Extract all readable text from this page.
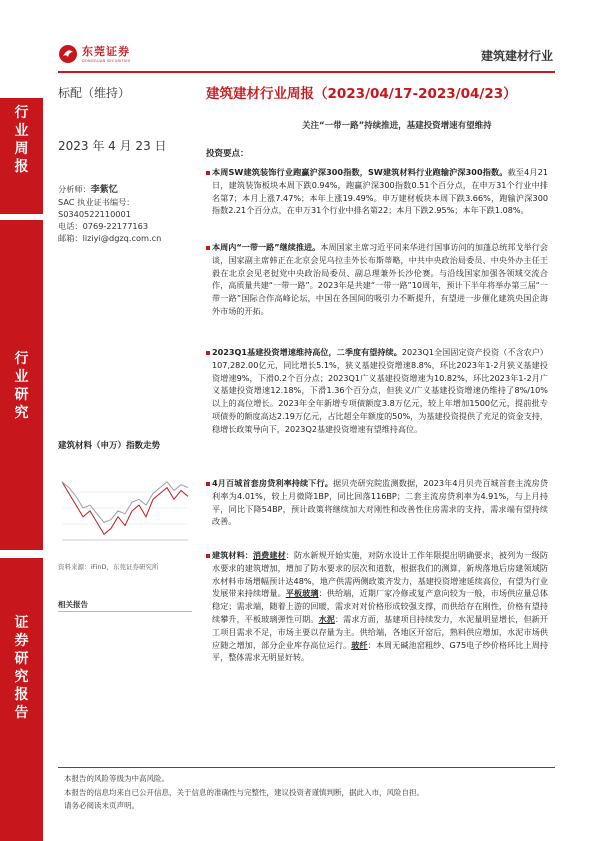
东莞证券
DONGGUAN SECURITIES	建筑建材行业
标配（维持）	建筑建材行业周报（2023/04/17-2023/04/23）
关注“一带一路”持续推进，基建投资增速有望维持
行
业
周
报
行
业
研
究
证
券
研
究
报
告
2023 年 4 月 23 日
分析师：李紫忆
SAC 执业证书编号：
S0340522110001
电话：0769-22177163
邮箱：liziyi@dgzq.com.cn
建筑材料（申万）指数走势
资料来源：iFinD，东莞证券研究所
相关报告
投资要点：
本周SW建筑装饰行业跑赢沪深300指数，SW建筑材料行业跑输沪深300指数。截至4月21日，建筑装饰板块本周下跌0.94%，跑赢沪深300指数0.51个百分点，在申万31个行业中排名第7；本月上涨7.47%；本年上涨19.49%。申万建材板块本周下跌3.66%，跑输沪深300指数2.21个百分点，在申万31个行业中排名第22；本月下跌2.95%；本年下跌1.08%。
本周内“一带一路”继续推进。本周国家主席习近平同来华进行国事访问的加蓬总统邦戈举行会谈，国家副主席韩正在北京会见乌拉圭外长布斯蒂略，中共中央政治局委员、中央外办主任王毅在北京会见老挝党中央政治局委员、副总理兼外长沙伦赛。与沿线国家加强各领域交流合作，高质量共建“一带一路”。2023年是共建“一带一路”10周年，预计下半年将举办第三届“一带一路”国际合作高峰论坛，中国在各国间的吸引力不断提升，有望进一步催化建筑央国企海外市场的开拓。
2023Q1基建投资增速维持高位，二季度有望持续。2023Q1全国固定资产投资（不含农户）107,282.00亿元，同比增长5.1%，狭义基建投资增速8.8%，环比2023年1-2月狭义基建投资增速9%，下滑0.2个百分点；2023Q1广义基建投资增速为10.82%，环比2023年1-2月广义基建投资增速12.18%，下滑1.36个百分点，但狭义/广义基建投资增速仍维持了8%/10%以上的高位增长。2023年全年新增专项债额度3.8万亿元，较上年增加1500亿元，提前批专项债券的额度高达2.19万亿元，占比超全年额度的50%，为基建投资提供了充足的资金支持，稳增长政策导向下，2023Q2基建投资增速有望维持高位。
4月百城首套房贷利率持续下行。据贝壳研究院监测数据，2023年4月贝壳百城首套主流房贷利率为4.01%，较上月微降1BP，同比回落116BP；二套主流房贷利率为4.91%，与上月持平，同比下降54BP，预计政策将继续加大对刚性和改善性住房需求的支持，需求端有望持续改善。
建筑材料：消费建材：防水新规开始实施，对防水设计工作年限提出明确要求，被列为一级防水要求的建筑增加，增加了防水要求的层次和道数，根据我们的测算，新规落地后房建领域防水材料市场增幅预计达48%，地产供需两侧政策齐发力，基建投资增速延续高位，有望为行业发展带来持续增量。平板玻璃：供给端，近期厂家冷修或复产意向较为一般，市场供应量总体稳定；需求端，随着上游的回暖，需求对对价格形成较强支撑，而供给存在刚性，价格有望持续攀升，平板玻璃弹性可期。水泥：需求方面，基建项目持续发力，水泥量明显增长，但新开工项目需求不足，市场主要以存量为主。供给端，各地区开窑后，熟料供应增加，水泥市场供应随之增加，部分企业库存高位运行。玻纤：本周无碱池窑粗纱、G75电子纱价格环比上周持平，整体需求无明显好转。
本报告的风险等级为中高风险。
本报告的信息均来自已公开信息，关于信息的准确性与完整性，建议投资者谨慎判断，据此入市，风险自担。
请务必阅读末页声明。
